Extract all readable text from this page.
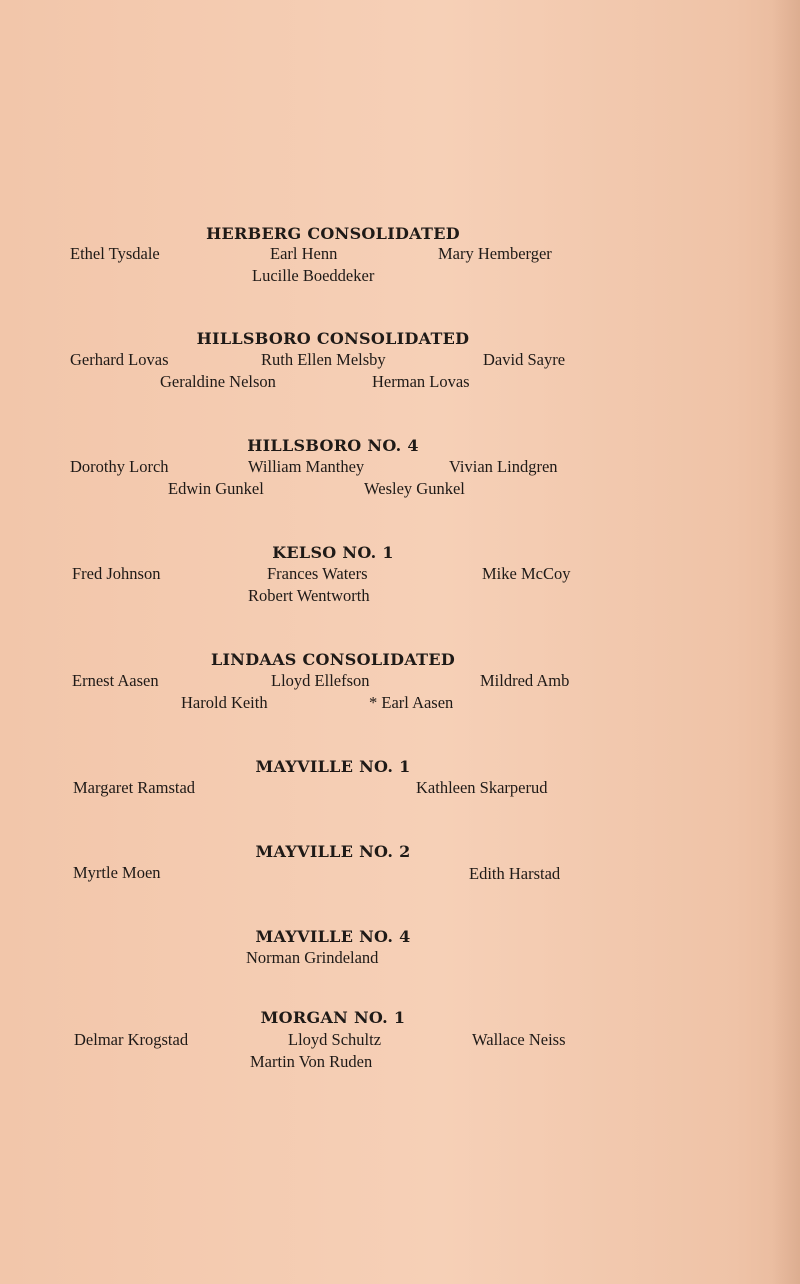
HERBERG CONSOLIDATED
Ethel Tysdale	Earl Henn	Mary Hemberger
Lucille Boeddeker
HILLSBORO CONSOLIDATED
Gerhard Lovas	Ruth Ellen Melsby	David Sayre
Geraldine Nelson	Herman Lovas
HILLSBORO NO. 4
Dorothy Lorch	William Manthey	Vivian Lindgren
Edwin Gunkel	Wesley Gunkel
KELSO NO. 1
Fred Johnson	Frances Waters	Mike McCoy
Robert Wentworth
LINDAAS CONSOLIDATED
Ernest Aasen	Lloyd Ellefson	Mildred Amb
Harold Keith	* Earl Aasen
MAYVILLE NO. 1
Margaret Ramstad	Kathleen Skarperud
MAYVILLE NO. 2
Myrtle Moen	Edith Harstad
MAYVILLE NO. 4
Norman Grindeland
MORGAN NO. 1
Delmar Krogstad	Lloyd Schultz	Wallace Neiss
Martin Von Ruden
